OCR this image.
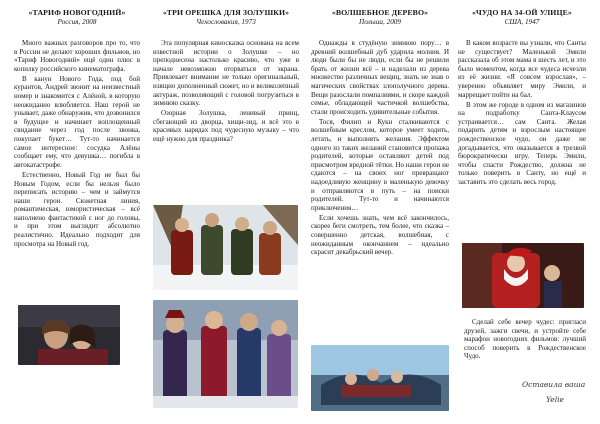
«ТАРИФ НОВОГОДНИЙ»
Россия, 2008

Много важных разговоров про то, что в России не делают хороших фильмов, но «Тариф Новогодний» ещё один плюс в копилку российского кинематографа.

В канун Нового Года, под бой курантов, Андрей звонит на неизвестный номер и знакомится с Алёной, в которую неожиданно влюбляется. Наш герой не унывает, даже обнаружив, что дозвонился в будущее и начинает воплощенный свидание через год после звонка, покупает букет… Тут-то начинается самое интересное: сосудка Алёны сообщает ему, что девушка… погибла в автокатастрофе.

Естественно, Новый Год не был бы Новым Годом, если бы нельзя было переписать историю – чем и займутся наши герои. Сюжетная линия, романтическая, юмористическая – всё наполнено фантастикой с ног до головы, и при этом выглядит абсолютно реалистично. Идеально подходит для просмотра на Новый год.

«ТРИ ОРЕШКА ДЛЯ ЗОЛУШКИ»
Чехословакия, 1973

Эта популярная киносказка основана на всем известной истории о Золушке – но преподнесена настолько красиво, что уже в начале невозможно оторваться от экрана. Привлекает внимание не только оригинальный, изящно дополненный сюжет, но и великолепный актураж, позволяющий с головой погрузиться в зимнюю сказку.

Озорная Золушка, ленивый принц, сбегающий из дворца, хищи-зид, и всё это в красивых нарядах под чудесную музыку – что ещё нужно для праздника?

«ВОЛШЕБНОЕ ДЕРЕВО»
Польша, 2009

Однажды в студёную зимнюю пору… в древний волшебный дуб ударила молния. И люди были бы не люди, если бы не решили брать от жизни всё – и наделали из дерева множество различных вещиц, знать не знав о магических свойствах злополучного дерева. Вещи разослали помпалиями, и скоре каждой семье, обладающей частичкой волшебства, стали происходить удивительные события.

Тося, Филип и Кукн сталкиваются с волшебным креслом, которое умеет ходить, летать, и выполнять желания. Эффектом одного из таких желаний становится пропажа родителей, которые оставляют детей под присмотром вредной тётки. Но наши герои не сдаются – на своих ног превращают надоедливую женщину в маленькую девочку и отправляются в путь – на поиски родителей. Тут-то и начинаются приключения…

Если хочешь знать, чем всё закончилось, скорее беги смотреть, тем более, что сказка – совершенно детская, волшебная, с неожиданным окончанием – идеально скрасит декабрьский вечер.

«ЧУДО НА 34-ОЙ УЛИЦЕ»
США, 1947

В каком возрасте вы узнали, что Санты не существует? Маленькой Эмили рассказала об этом мама в шесть лет, и это было моментом, когда все чудеса исчезли из её жизни. «Я совсем взрослая», – уверенно объявляет миру Эмили, и маррещает пойти на бал.

В этом же городе в одном из магазинов на подработку Санта-Клаусом устраивается… сам Санта. Желая подарить детям и взрослым настоящее рождественское чудо, он даже не догадывается, что оказывается в трезвой бюрократически игру. Теперь Эмили, чтобы спасти Рождество, должна не только поверить в Санту, но ещё и заставить это сделать весь город.

Сделай себе вечер чудес: пригласи друзей, зажги свечи, и устройте себе марафон новогодних фильмов: лучший способ поверить в Рождественское Чудо.

Оставила ваша
Yelie
